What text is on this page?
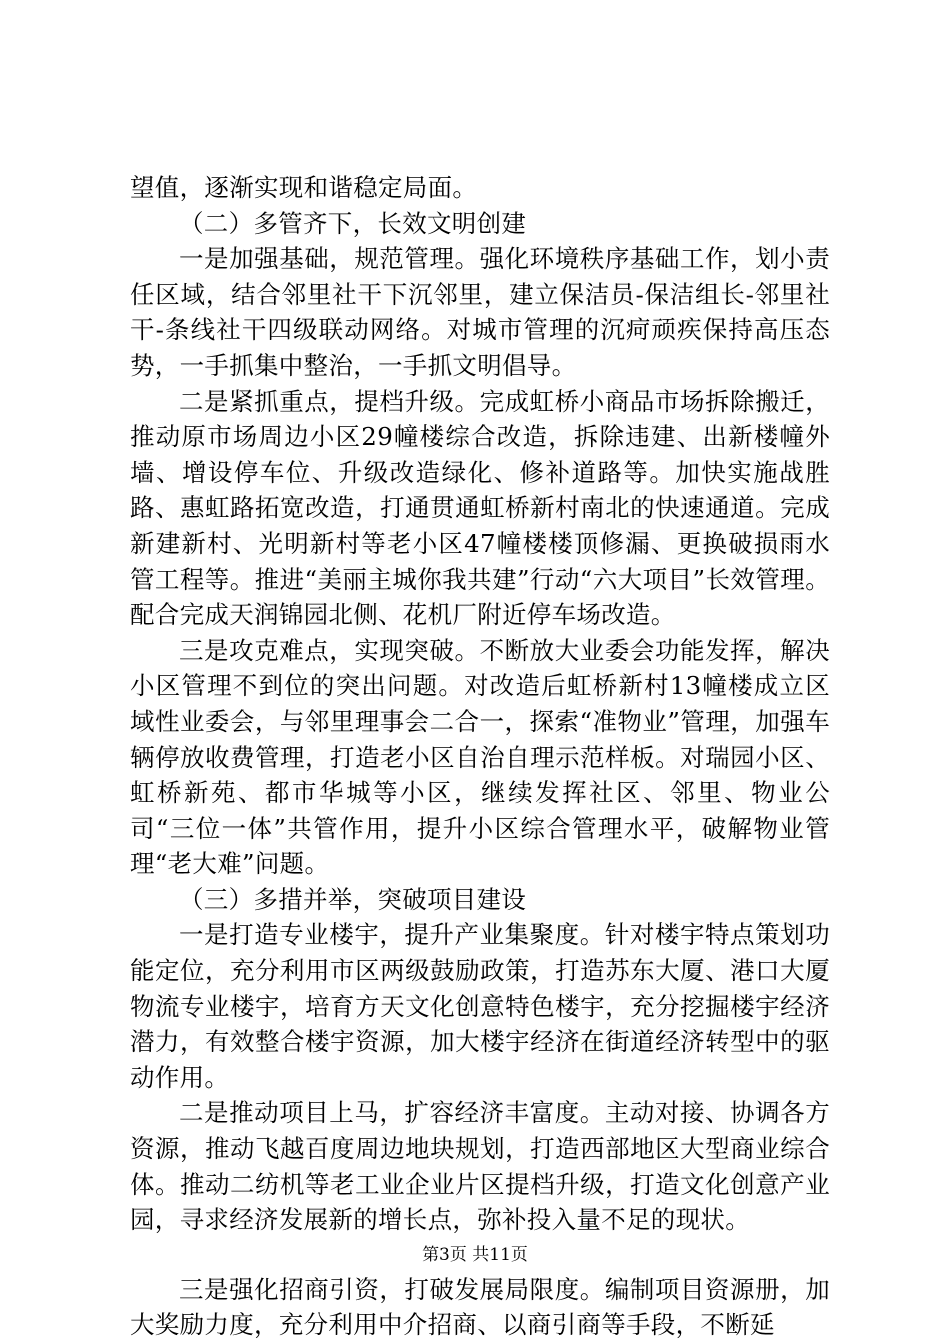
望值，逐渐实现和谐稳定局面。

（二）多管齐下，长效文明创建

一是加强基础，规范管理。强化环境秩序基础工作，划小责任区域，结合邻里社干下沉邻里，建立保洁员-保洁组长-邻里社干-条线社干四级联动网络。对城市管理的沉疴顽疾保持高压态势，一手抓集中整治，一手抓文明倡导。

二是紧抓重点，提档升级。完成虹桥小商品市场拆除搬迁，推动原市场周边小区29幢楼综合改造，拆除违建、出新楼幢外墙、增设停车位、升级改造绿化、修补道路等。加快实施战胜路、惠虹路拓宽改造，打通贯通虹桥新村南北的快速通道。完成新建新村、光明新村等老小区47幢楼楼顶修漏、更换破损雨水管工程等。推进“美丽主城你我共建”行动“六大项目”长效管理。配合完成天润锦园北侧、花机厂附近停车场改造。

三是攻克难点，实现突破。不断放大业委会功能发挥，解决小区管理不到位的突出问题。对改造后虹桥新村13幢楼成立区域性业委会，与邻里理事会二合一，探索“准物业”管理，加强车辆停放收费管理，打造老小区自治自理示范样板。对瑞园小区、虹桥新苑、都市华城等小区，继续发挥社区、邻里、物业公司“三位一体”共管作用，提升小区综合管理水平，破解物业管理“老大难”问题。

（三）多措并举，突破项目建设

一是打造专业楼宇，提升产业集聚度。针对楼宇特点策划功能定位，充分利用市区两级鼓励政策，打造苏东大厦、港口大厦物流专业楼宇，培育方天文化创意特色楼宇，充分挖掘楼宇经济潜力，有效整合楼宇资源，加大楼宇经济在街道经济转型中的驱动作用。

二是推动项目上马，扩容经济丰富度。主动对接、协调各方资源，推动飞越百度周边地块规划，打造西部地区大型商业综合体。推动二纺机等老工业企业片区提档升级，打造文化创意产业园，寻求经济发展新的增长点，弥补投入量不足的现状。

三是强化招商引资，打破发展局限度。编制项目资源册，加大奖励力度，充分利用中介招商、以商引商等手段，不断延

第3页 共11页
